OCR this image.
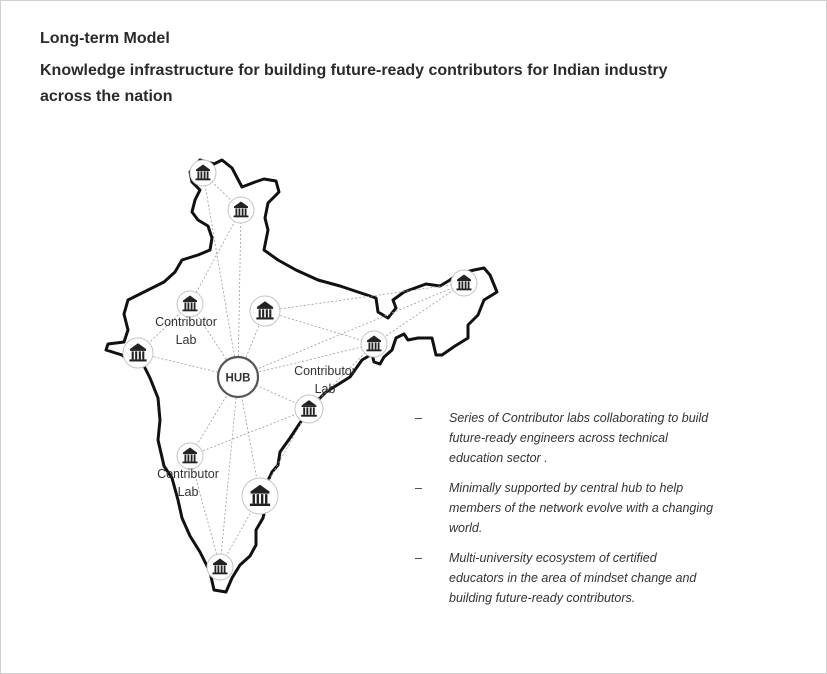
Long-term Model
Knowledge infrastructure for building future-ready contributors for Indian industry across the nation
HUB
Contributor
Lab
Contributor
Lab
Contributor
Lab
– Series of Contributor labs collaborating to build future-ready engineers across technical education sector .
– Minimally supported by central hub to help members of the network evolve with a changing world.
– Multi-university ecosystem of certified educators in the area of mindset change and building future-ready contributors.
